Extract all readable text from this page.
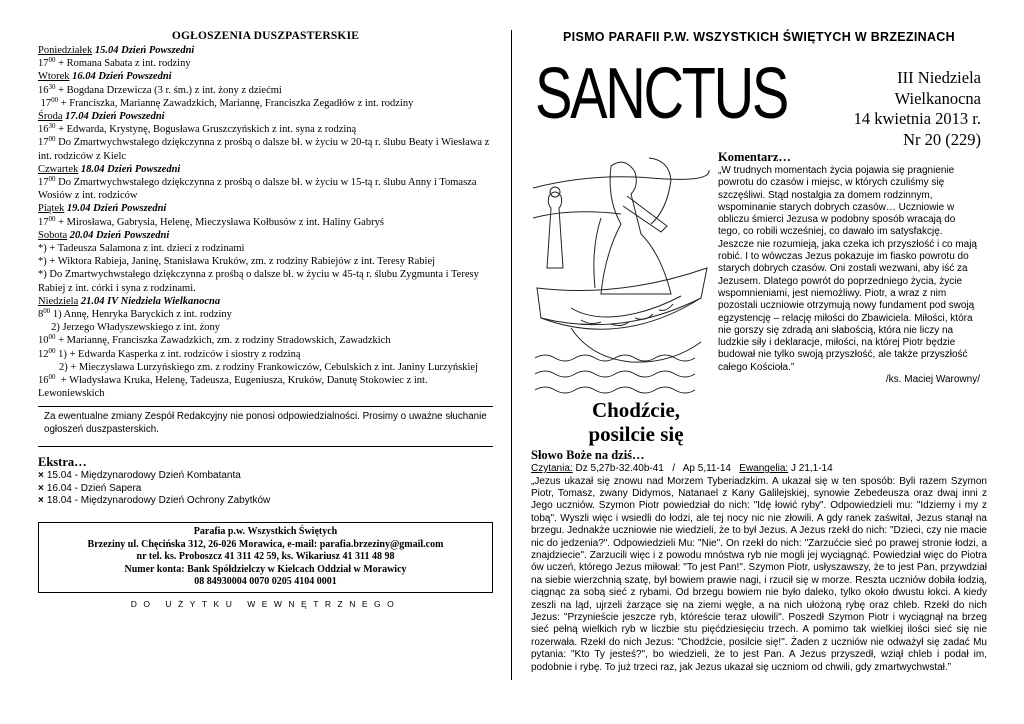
OGŁOSZENIA DUSZPASTERSKIE
Poniedziałek 15.04 Dzień Powszedni
$17^{00}$ + Romana Sabata z int. rodziny
Wtorek 16.04 Dzień Powszedni
$16^{30}$ + Bogdana Drzewicza (3 r. śm.) z int. żony z dziećmi
$17^{00}$ + Franciszka, Mariannę Zawadzkich, Mariannę, Franciszka Zegadłów z int. rodziny
Środa 17.04 Dzień Powszedni
$16^{30}$ + Edwarda, Krystynę, Bogusława Gruszczyńskich z int. syna z rodziną
$17^{00}$ Do Zmartwychwstałego dziękczynna z prośbą o dalsze bł. w życiu w 20-tą r. ślubu Beaty i Wiesława z int. rodziców z Kielc
Czwartek 18.04 Dzień Powszedni
$17^{00}$ Do Zmartwychwstałego dziękczynna z prośbą o dalsze bł. w życiu w 15-tą r. ślubu Anny i Tomasza Wosiów z int. rodziców
Piątek 19.04 Dzień Powszedni
$17^{00}$ + Mirosława, Gabrysia, Helenę, Mieczysława Kołbusów z int. Haliny Gabryś
Sobota 20.04 Dzień Powszedni
*) + Tadeusza Salamona z int. dzieci z rodzinami
*) + Wiktora Rabieja, Janinę, Stanisława Kruków, zm. z rodziny Rabiejów z int. Teresy Rabiej
*) Do Zmartwychwstałego dziękczynna z prośbą o dalsze bł. w życiu w 45-tą r. ślubu Zygmunta i Teresy Rabiej z int. córki i syna z rodzinami.
Niedziela 21.04 IV Niedziela Wielkanocna
$8^{00}$ 1) Annę, Henryka Baryckich z int. rodziny
2) Jerzego Władyszewskiego z int. żony
$10^{00}$ + Mariannę, Franciszka Zawadzkich, zm. z rodziny Stradowskich, Zawadzkich
$12^{00}$ 1) + Edwarda Kasperka z int. rodziców i siostry z rodziną
2) + Mieczysława Lurzyńskiego zm. z rodziny Frankowiczów, Cebulskich z int. Janiny Lurzyńskiej
$16^{00}$  + Władysława Kruka, Helenę, Tadeusza, Eugeniusza, Kruków, Danutę Stokowiec z int. Lewoniewskich
Za ewentualne zmiany Zespół Redakcyjny nie ponosi odpowiedzialności. Prosimy o uważne słuchanie ogłoszeń duszpasterskich.
Ekstra…
× 15.04 - Międzynarodowy Dzień Kombatanta
× 16.04 - Dzień Sapera
× 18.04 - Międzynarodowy Dzień Ochrony Zabytków
Parafia p.w. Wszystkich Świętych
Brzeziny ul. Chęcińska 312, 26-026 Morawica, e-mail: parafia.brzeziny@gmail.com
nr tel. ks. Proboszcz 41 311 42 59, ks. Wikariusz 41 311 48 98
Numer konta: Bank Spółdzielczy w Kielcach Oddział w Morawicy
08 84930004 0070 0205 4104 0001
DO UŻYTKU WEWNĘTRZNEGO
PISMO PARAFII P.W. WSZYSTKICH ŚWIĘTYCH W BRZEZINACH
SANCTUS	III Niedziela
Wielkanocna
14 kwietnia 2013 r.
Nr 20 (229)
Chodźcie,
posilcie się
Komentarz…
„W trudnych momentach życia pojawia się pragnienie powrotu do czasów i miejsc, w których czuliśmy się szczęśliwi. Stąd nostalgia za domem rodzinnym, wspominanie starych dobrych czasów… Uczniowie w obliczu śmierci Jezusa w podobny sposób wracają do tego, co robili wcześniej, co dawało im satysfakcję. Jeszcze nie rozumieją, jaka czeka ich przyszłość i co mają robić. I to wówczas Jezus pokazuje im fiasko powrotu do starych dobrych czasów. Oni zostali wezwani, aby iść za Jezusem. Dlatego powrót do poprzedniego życia, życie wspomnieniami, jest niemożliwy. Piotr, a wraz z nim pozostali uczniowie otrzymują nowy fundament pod swoją egzystencję – relację miłości do Zbawiciela. Miłości, która nie gorszy się zdradą ani słabością, która nie liczy na ludzkie siły i deklaracje, miłości, na której Piotr będzie budował nie tylko swoją przyszłość, ale także przyszłość całego Kościoła.”
/ks. Maciej Warowny/
Słowo Boże na dziś…
Czytania: Dz 5,27b-32.40b-41   /   Ap 5,11-14   Ewangelia: J 21,1-14
„Jezus ukazał się znowu nad Morzem Tyberiadzkim. A ukazał się w ten sposób: Byli razem Szymon Piotr, Tomasz, zwany Didymos, Natanael z Kany Galilejskiej, synowie Zebedeusza oraz dwaj inni z Jego uczniów. Szymon Piotr powiedział do nich: "Idę łowić ryby". Odpowiedzieli mu: "Idziemy i my z tobą". Wyszli więc i wsiedli do łodzi, ale tej nocy nic nie złowili. A gdy ranek zaświtał, Jezus stanął na brzegu. Jednakże uczniowie nie wiedzieli, że to był Jezus. A Jezus rzekł do nich: "Dzieci, czy nie macie nic do jedzenia?". Odpowiedzieli Mu: "Nie". On rzekł do nich: "Zarzućcie sieć po prawej stronie łodzi, a znajdziecie". Zarzucili więc i z powodu mnóstwa ryb nie mogli jej wyciągnąć. Powiedział więc do Piotra ów uczeń, którego Jezus miłował: "To jest Pan!". Szymon Piotr, usłyszawszy, że to jest Pan, przywdział na siebie wierzchnią szatę, był bowiem prawie nagi, i rzucił się w morze. Reszta uczniów dobiła łodzią, ciągnąc za sobą sieć z rybami. Od brzegu bowiem nie było daleko, tylko około dwustu łokci. A kiedy zeszli na ląd, ujrzeli żarzące się na ziemi węgle, a na nich ułożoną rybę oraz chleb. Rzekł do nich Jezus: "Przynieście jeszcze ryb, któreście teraz ułowili". Poszedł Szymon Piotr i wyciągnął na brzeg sieć pełną wielkich ryb w liczbie stu pięćdziesięciu trzech. A pomimo tak wielkiej ilości sieć się nie rozerwała. Rzekł do nich Jezus: "Chodźcie, posilcie się!". Żaden z uczniów nie odważył się zadać Mu pytania: "Kto Ty jesteś?", bo wiedzieli, że to jest Pan. A Jezus przyszedł, wziął chleb i podał im, podobnie i rybę. To już trzeci raz, jak Jezus ukazał się uczniom od chwili, gdy zmartwychwstał.”
